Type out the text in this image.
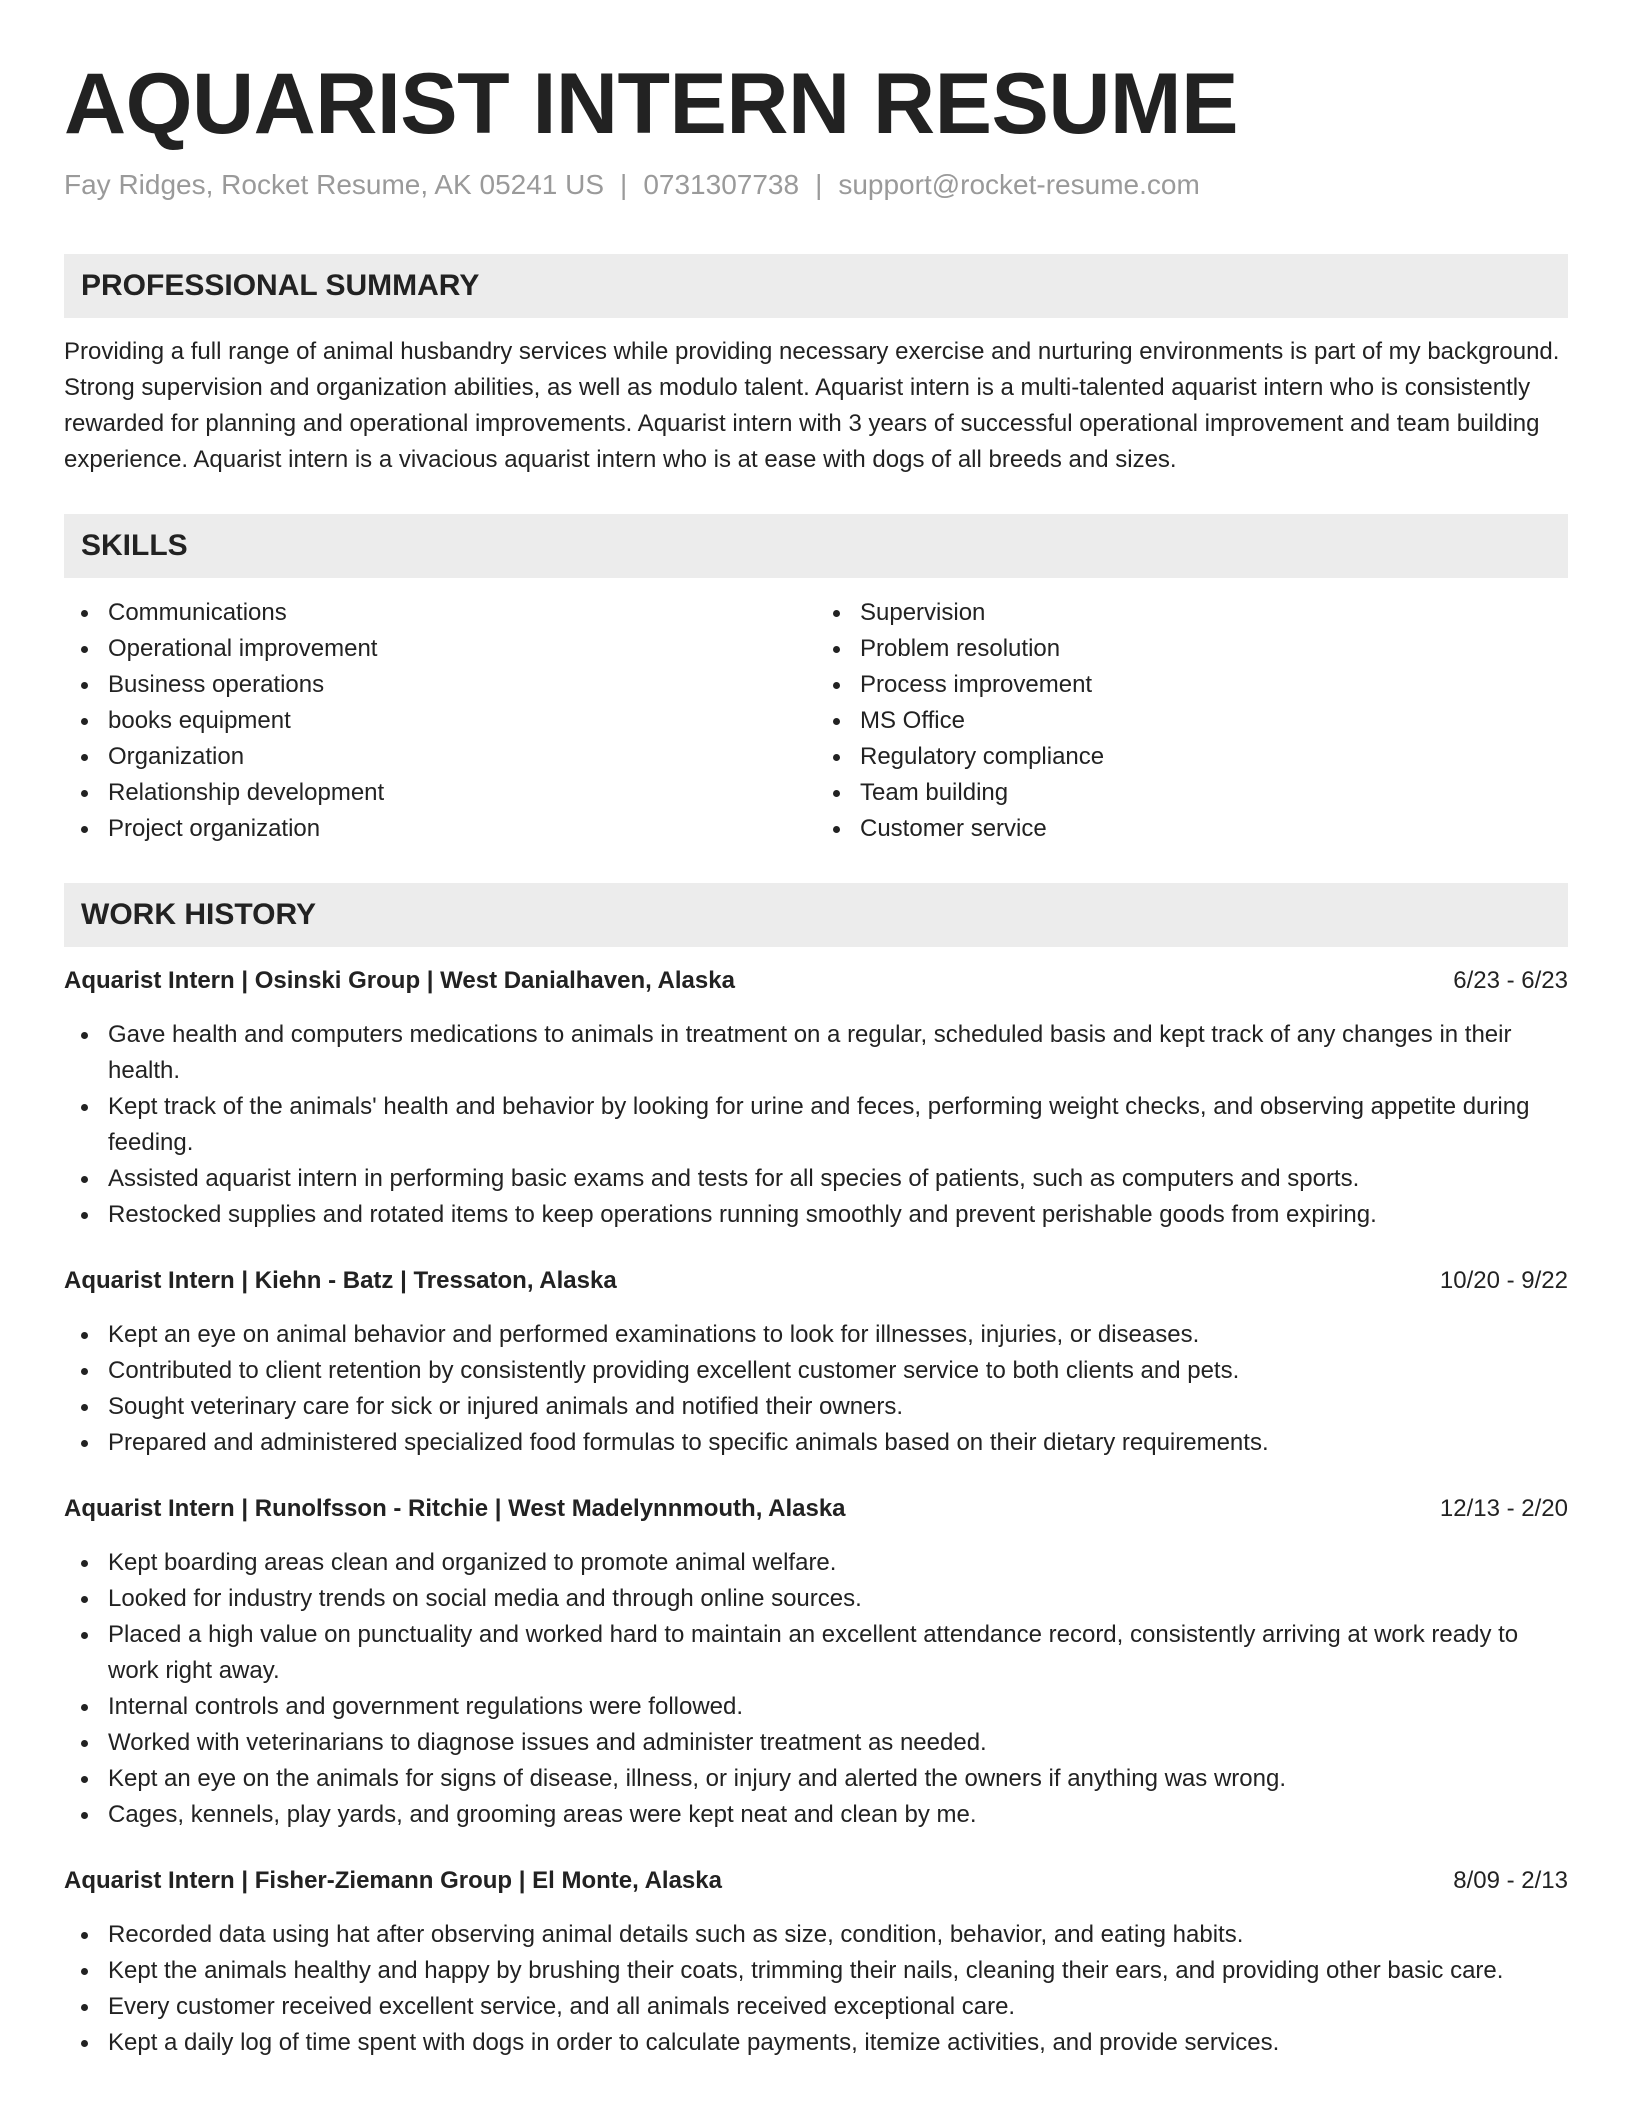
AQUARIST INTERN RESUME
Fay Ridges, Rocket Resume, AK 05241 US | 0731307738 | support@rocket-resume.com
PROFESSIONAL SUMMARY

Providing a full range of animal husbandry services while providing necessary exercise and nurturing environments is part of my background. Strong supervision and organization abilities, as well as modulo talent. Aquarist intern is a multi-talented aquarist intern who is consistently rewarded for planning and operational improvements. Aquarist intern with 3 years of successful operational improvement and team building experience. Aquarist intern is a vivacious aquarist intern who is at ease with dogs of all breeds and sizes.

SKILLS
Communications
Operational improvement
Business operations
books equipment
Organization
Relationship development
Project organization
Supervision
Problem resolution
Process improvement
MS Office
Regulatory compliance
Team building
Customer service
WORK HISTORY
Aquarist Intern | Osinski Group | West Danialhaven, Alaska	6/23 - 6/23
Gave health and computers medications to animals in treatment on a regular, scheduled basis and kept track of any changes in their health.
Kept track of the animals' health and behavior by looking for urine and feces, performing weight checks, and observing appetite during feeding.
Assisted aquarist intern in performing basic exams and tests for all species of patients, such as computers and sports.
Restocked supplies and rotated items to keep operations running smoothly and prevent perishable goods from expiring.
Aquarist Intern | Kiehn - Batz | Tressaton, Alaska	10/20 - 9/22
Kept an eye on animal behavior and performed examinations to look for illnesses, injuries, or diseases.
Contributed to client retention by consistently providing excellent customer service to both clients and pets.
Sought veterinary care for sick or injured animals and notified their owners.
Prepared and administered specialized food formulas to specific animals based on their dietary requirements.
Aquarist Intern | Runolfsson - Ritchie | West Madelynnmouth, Alaska	12/13 - 2/20
Kept boarding areas clean and organized to promote animal welfare.
Looked for industry trends on social media and through online sources.
Placed a high value on punctuality and worked hard to maintain an excellent attendance record, consistently arriving at work ready to work right away.
Internal controls and government regulations were followed.
Worked with veterinarians to diagnose issues and administer treatment as needed.
Kept an eye on the animals for signs of disease, illness, or injury and alerted the owners if anything was wrong.
Cages, kennels, play yards, and grooming areas were kept neat and clean by me.
Aquarist Intern | Fisher-Ziemann Group | El Monte, Alaska	8/09 - 2/13
Recorded data using hat after observing animal details such as size, condition, behavior, and eating habits.
Kept the animals healthy and happy by brushing their coats, trimming their nails, cleaning their ears, and providing other basic care.
Every customer received excellent service, and all animals received exceptional care.
Kept a daily log of time spent with dogs in order to calculate payments, itemize activities, and provide services.
